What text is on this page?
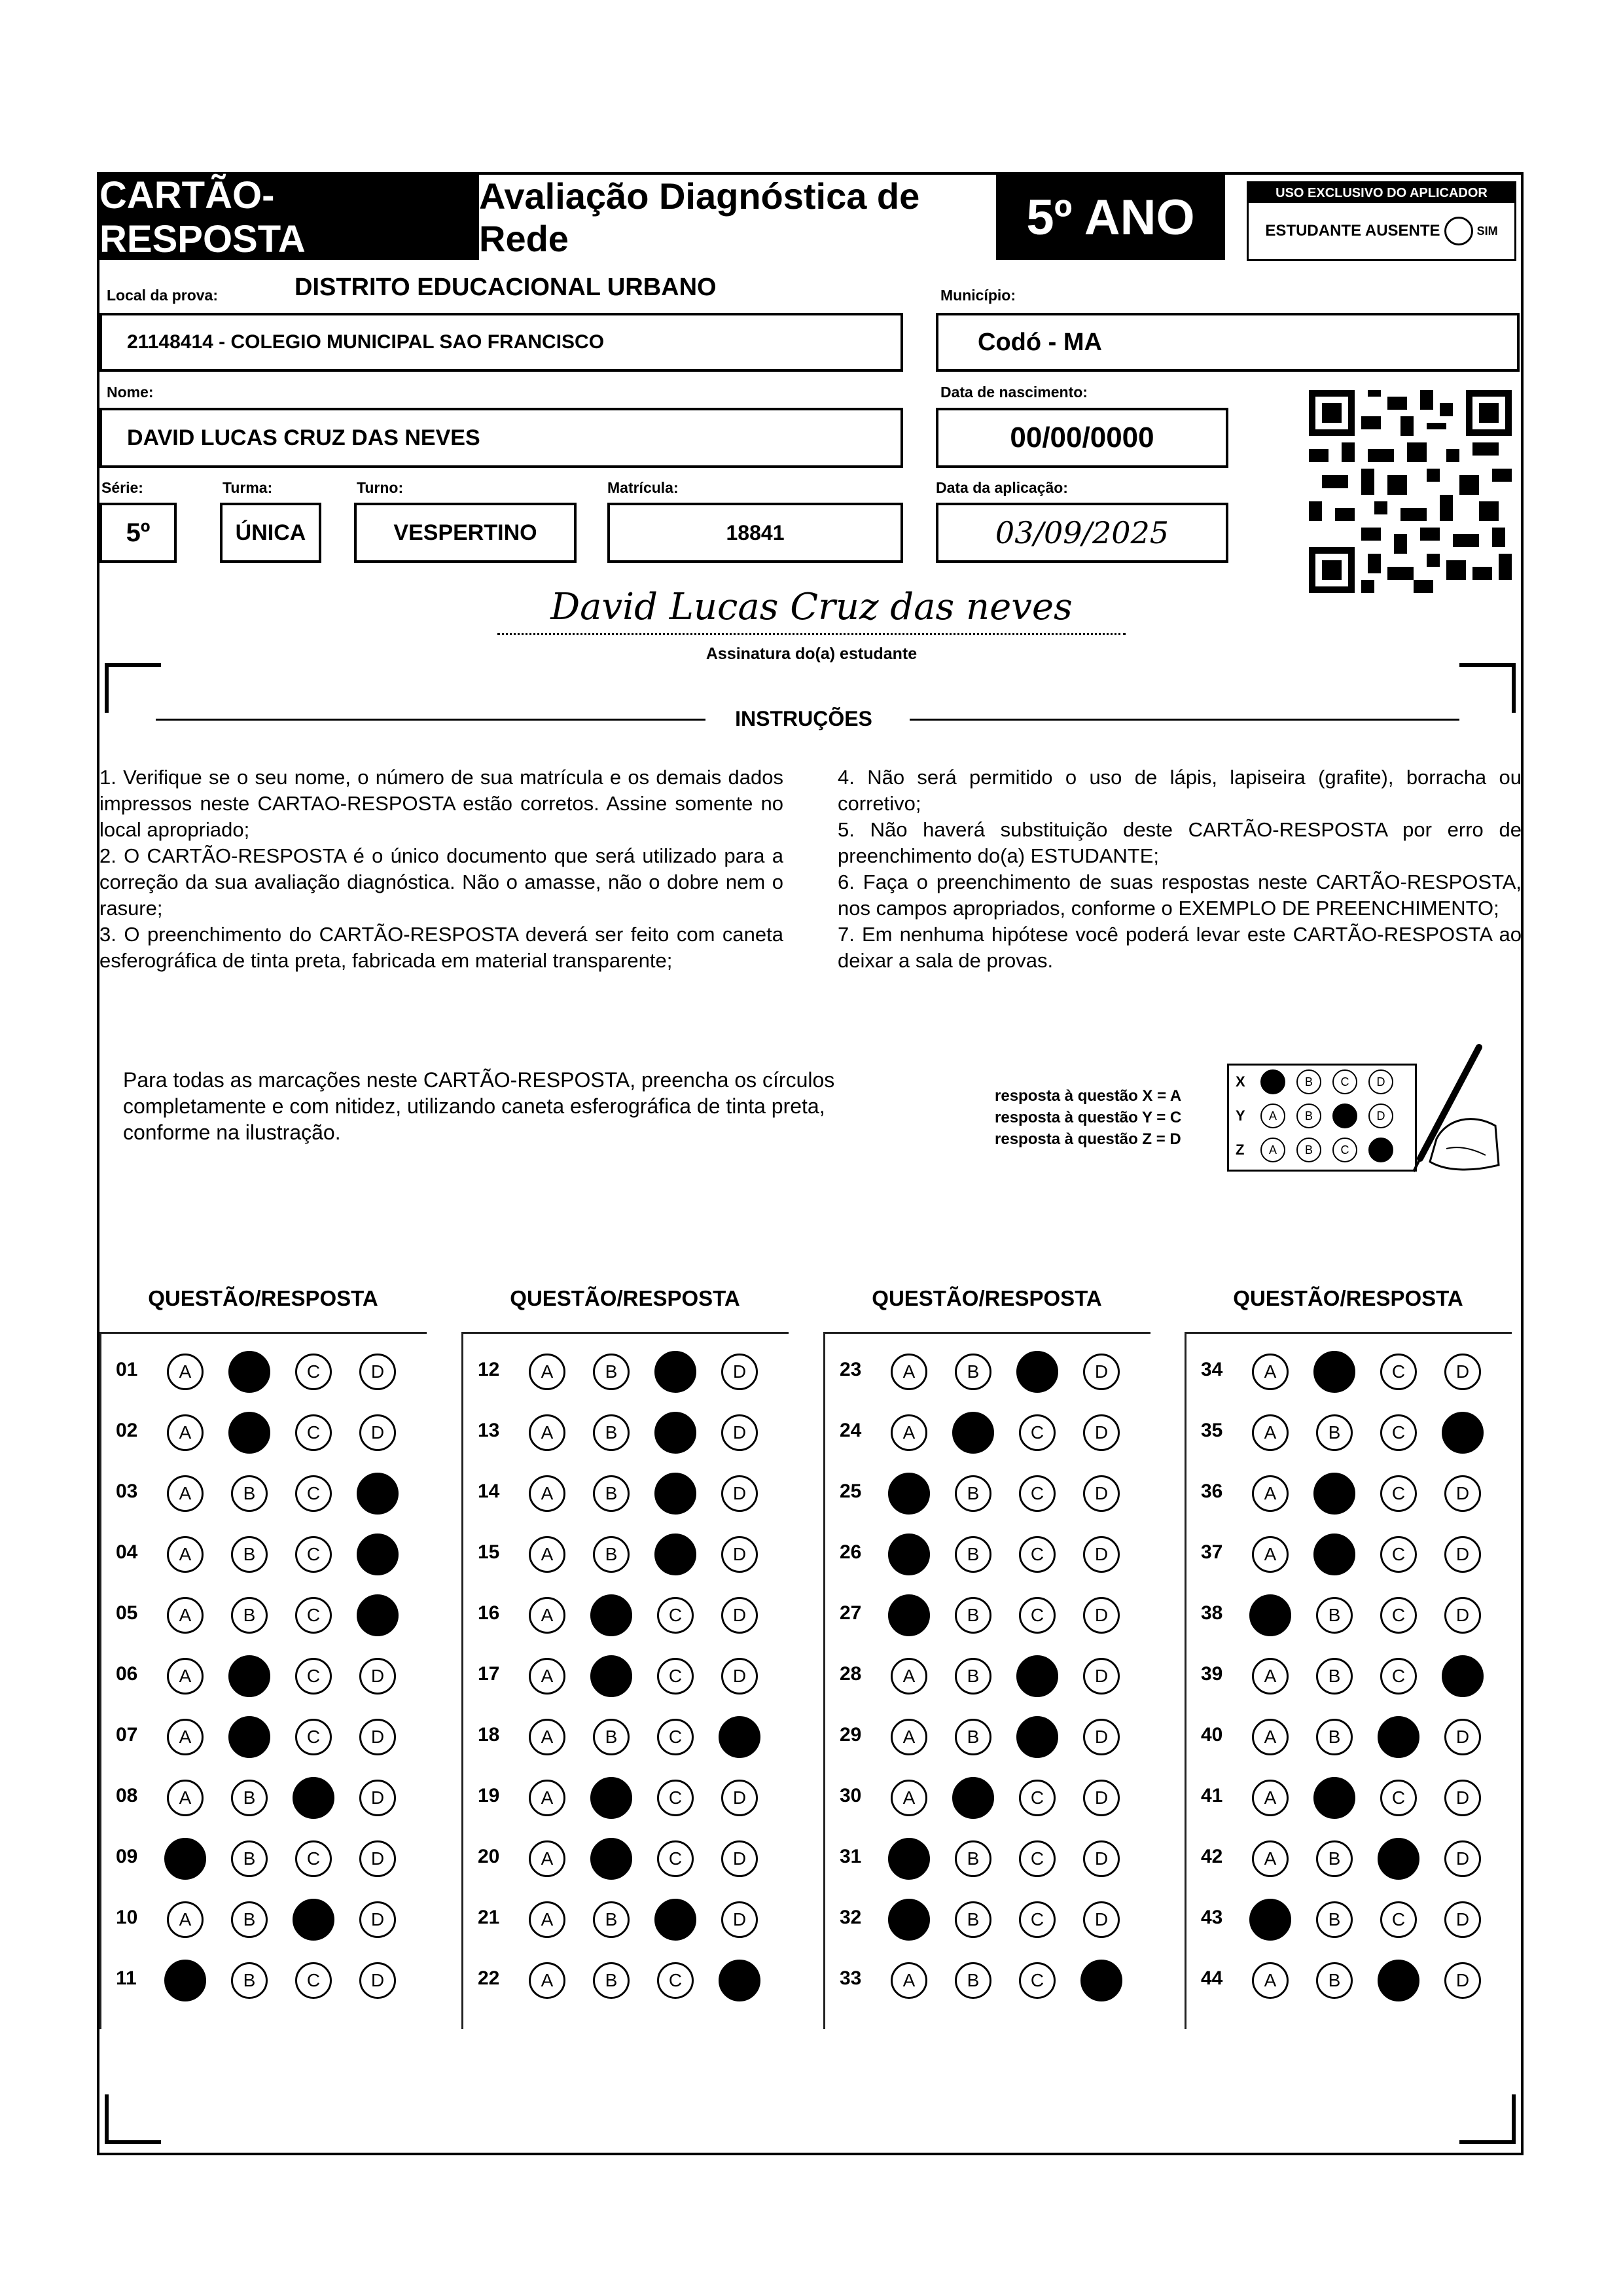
CARTÃO-RESPOSTA
Avaliação Diagnóstica de Rede	5º ANO	USO EXCLUSIVO DO APLICADOR
ESTUDANTE AUSENTE	SIM
Local da prova:	DISTRITO EDUCACIONAL URBANO	Município:
21148414 - COLEGIO MUNICIPAL SAO FRANCISCO	Codó - MA
Nome:	Data de nascimento:
DAVID LUCAS CRUZ DAS NEVES	00/00/0000
Série:	Turma:	Turno:	Matrícula:	Data da aplicação:
5º	ÚNICA	VESPERTINO	18841	03/09/2025
David Lucas Cruz das neves
Assinatura do(a) estudante
INSTRUÇÕES

1. Verifique se o seu nome, o número de sua matrícula e os demais dados impressos neste CARTAO-RESPOSTA estão corretos. Assine somente no local apropriado;

2. O CARTÃO-RESPOSTA é o único documento que será utilizado para a correção da sua avaliação diagnóstica. Não o amasse, não o dobre nem o rasure;

3. O preenchimento do CARTÃO-RESPOSTA deverá ser feito com caneta esferográfica de tinta preta, fabricada em material transparente;

4. Não será permitido o uso de lápis, lapiseira (grafite), borracha ou corretivo;

5. Não haverá substituição deste CARTÃO-RESPOSTA por erro de preenchimento do(a) ESTUDANTE;

6. Faça o preenchimento de suas respostas neste CARTÃO-RESPOSTA, nos campos apropriados, conforme o EXEMPLO DE PREENCHIMENTO;

7. Em nenhuma hipótese você poderá levar este CARTÃO-RESPOSTA ao deixar a sala de provas.

Para todas as marcações neste CARTÃO-RESPOSTA, preencha os círculos completamente e com nitidez, utilizando caneta esferográfica de tinta preta, conforme na ilustração.
resposta à questão X = A
resposta à questão Y = C
resposta à questão Z = D
X	A	B	C	D
Y	A	B	C	D
Z	A	B	C	D
QUESTÃO/RESPOSTA	QUESTÃO/RESPOSTA	QUESTÃO/RESPOSTA	QUESTÃO/RESPOSTA
01	A	B	C	D
02	A	B	C	D
03	A	B	C	D
04	A	B	C	D
05	A	B	C	D
06	A	B	C	D
07	A	B	C	D
08	A	B	C	D
09	A	B	C	D
10	A	B	C	D
11	A	B	C	D
12	A	B	C	D
13	A	B	C	D
14	A	B	C	D
15	A	B	C	D
16	A	B	C	D
17	A	B	C	D
18	A	B	C	D
19	A	B	C	D
20	A	B	C	D
21	A	B	C	D
22	A	B	C	D
23	A	B	C	D
24	A	B	C	D
25	A	B	C	D
26	A	B	C	D
27	A	B	C	D
28	A	B	C	D
29	A	B	C	D
30	A	B	C	D
31	A	B	C	D
32	A	B	C	D
33	A	B	C	D
34	A	B	C	D
35	A	B	C	D
36	A	B	C	D
37	A	B	C	D
38	A	B	C	D
39	A	B	C	D
40	A	B	C	D
41	A	B	C	D
42	A	B	C	D
43	A	B	C	D
44	A	B	C	D
